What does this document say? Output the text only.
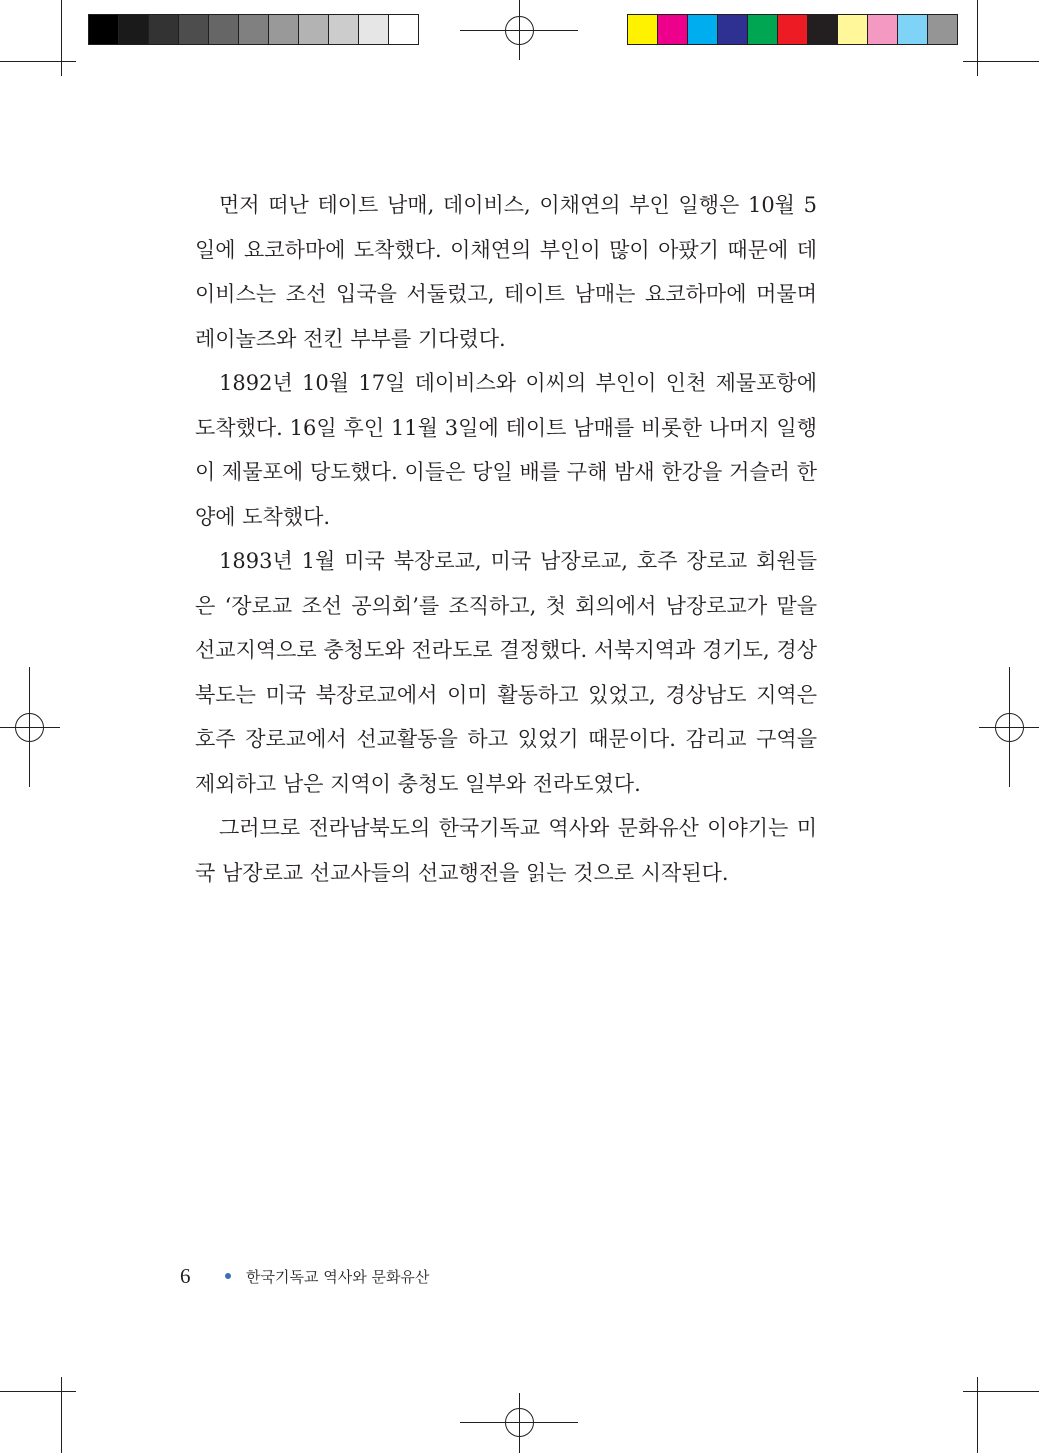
먼저 떠난 테이트 남매, 데이비스, 이채연의 부인 일행은 10월 5일에 요코하마에 도착했다. 이채연의 부인이 많이 아팠기 때문에 데이비스는 조선 입국을 서둘렀고, 테이트 남매는 요코하마에 머물며 레이놀즈와 전킨 부부를 기다렸다.

1892년 10월 17일 데이비스와 이씨의 부인이 인천 제물포항에 도착했다. 16일 후인 11월 3일에 테이트 남매를 비롯한 나머지 일행이 제물포에 당도했다. 이들은 당일 배를 구해 밤새 한강을 거슬러 한양에 도착했다.

1893년 1월 미국 북장로교, 미국 남장로교, 호주 장로교 회원들은 ‘장로교 조선 공의회’를 조직하고, 첫 회의에서 남장로교가 맡을 선교지역으로 충청도와 전라도로 결정했다. 서북지역과 경기도, 경상북도는 미국 북장로교에서 이미 활동하고 있었고, 경상남도 지역은 호주 장로교에서 선교활동을 하고 있었기 때문이다. 감리교 구역을 제외하고 남은 지역이 충청도 일부와 전라도였다.

그러므로 전라남북도의 한국기독교 역사와 문화유산 이야기는 미국 남장로교 선교사들의 선교행전을 읽는 것으로 시작된다.

6	한국기독교 역사와 문화유산
